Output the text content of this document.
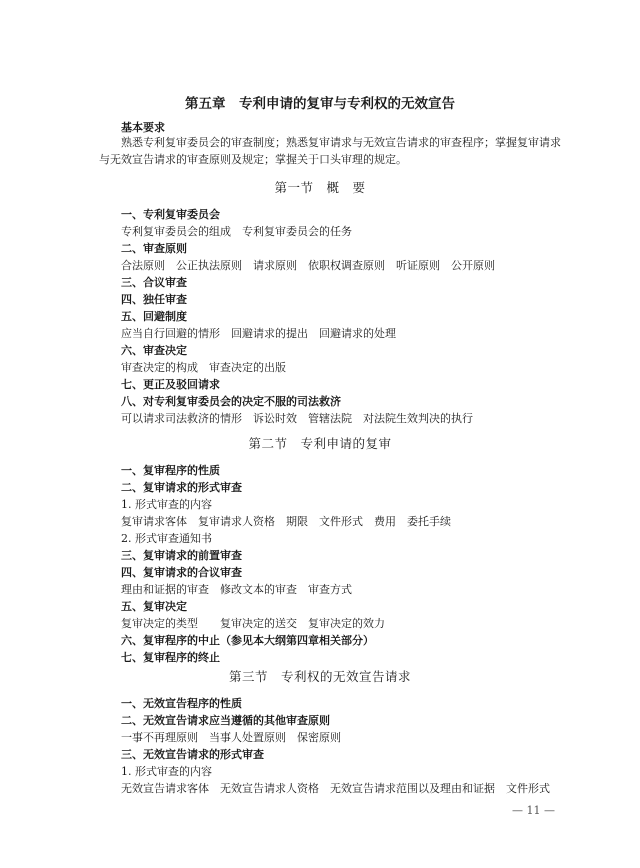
第五章　专利申请的复审与专利权的无效宣告
基本要求
熟悉专利复审委员会的审查制度；熟悉复审请求与无效宣告请求的审查程序；掌握复审请求
与无效宣告请求的审查原则及规定；掌握关于口头审理的规定。
第一节　概　要
一、专利复审委员会
专利复审委员会的组成　专利复审委员会的任务
二、审查原则
合法原则　公正执法原则　请求原则　依职权调查原则　听证原则　公开原则
三、合议审查
四、独任审查
五、回避制度
应当自行回避的情形　回避请求的提出　回避请求的处理
六、审查决定
审查决定的构成　审查决定的出版
七、更正及驳回请求
八、对专利复审委员会的决定不服的司法救济
可以请求司法救济的情形　诉讼时效　管辖法院　对法院生效判决的执行
第二节　专利申请的复审
一、复审程序的性质
二、复审请求的形式审查
1. 形式审查的内容
复审请求客体　复审请求人资格　期限　文件形式　费用　委托手续
2. 形式审查通知书
三、复审请求的前置审查
四、复审请求的合议审查
理由和证据的审查　修改文本的审查　审查方式
五、复审决定
复审决定的类型　　复审决定的送交　复审决定的效力
六、复审程序的中止（参见本大纲第四章相关部分）
七、复审程序的终止
第三节　专利权的无效宣告请求
一、无效宣告程序的性质
二、无效宣告请求应当遵循的其他审查原则
一事不再理原则　当事人处置原则　保密原则
三、无效宣告请求的形式审查
1. 形式审查的内容
无效宣告请求客体　无效宣告请求人资格　无效宣告请求范围以及理由和证据　文件形式
— 11 —
